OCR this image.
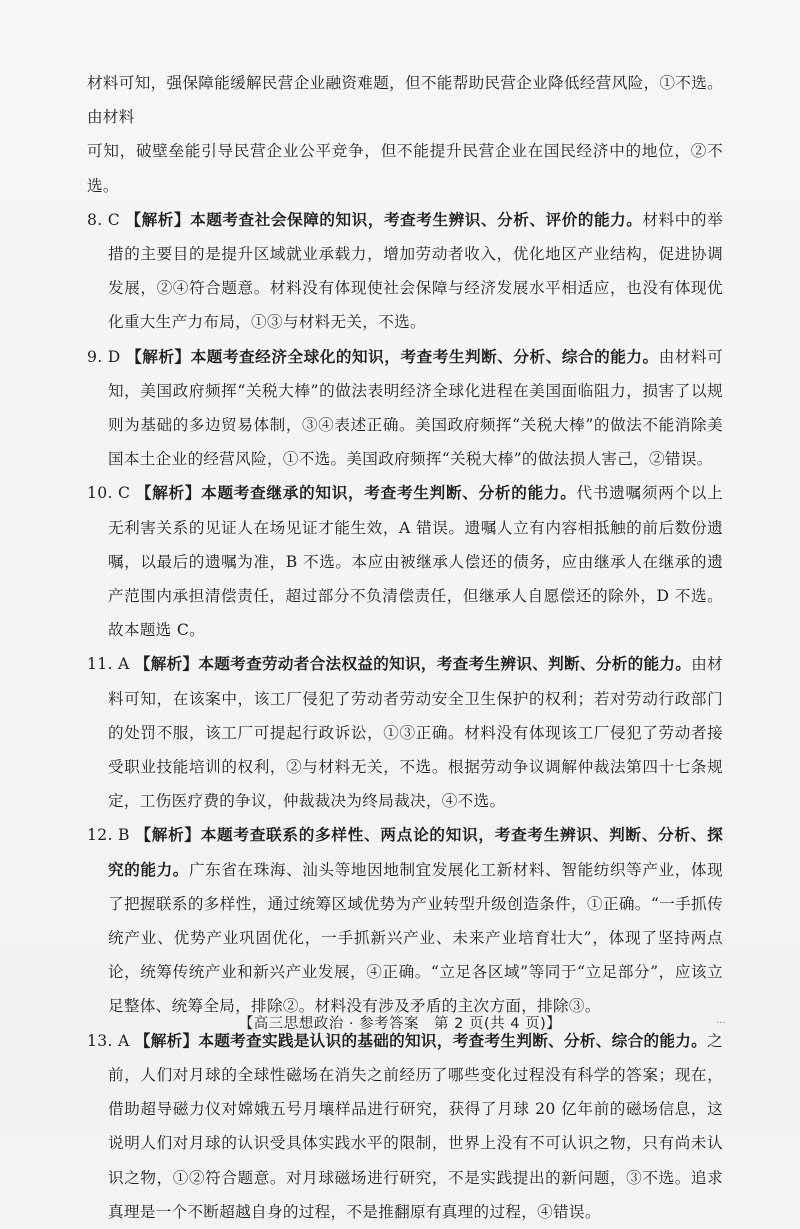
材料可知，强保障能缓解民营企业融资难题，但不能帮助民营企业降低经营风险，①不选。由材料

可知，破壁垒能引导民营企业公平竞争，但不能提升民营企业在国民经济中的地位，②不选。

8. C 【解析】本题考查社会保障的知识，考查考生辨识、分析、评价的能力。材料中的举措的主要目的是提升区域就业承载力，增加劳动者收入，优化地区产业结构，促进协调发展，②④符合题意。材料没有体现使社会保障与经济发展水平相适应，也没有体现优化重大生产力布局，①③与材料无关，不选。
9. D 【解析】本题考查经济全球化的知识，考查考生判断、分析、综合的能力。由材料可知，美国政府频挥“关税大棒”的做法表明经济全球化进程在美国面临阻力，损害了以规则为基础的多边贸易体制，③④表述正确。美国政府频挥“关税大棒”的做法不能消除美国本土企业的经营风险，①不选。美国政府频挥“关税大棒”的做法损人害己，②错误。
10. C 【解析】本题考查继承的知识，考查考生判断、分析的能力。代书遗嘱须两个以上无利害关系的见证人在场见证才能生效，A 错误。遗嘱人立有内容相抵触的前后数份遗嘱，以最后的遗嘱为准，B 不选。本应由被继承人偿还的债务，应由继承人在继承的遗产范围内承担清偿责任，超过部分不负清偿责任，但继承人自愿偿还的除外，D 不选。故本题选 C。
11. A 【解析】本题考查劳动者合法权益的知识，考查考生辨识、判断、分析的能力。由材料可知，在该案中，该工厂侵犯了劳动者劳动安全卫生保护的权利；若对劳动行政部门的处罚不服，该工厂可提起行政诉讼，①③正确。材料没有体现该工厂侵犯了劳动者接受职业技能培训的权利，②与材料无关，不选。根据劳动争议调解仲裁法第四十七条规定，工伤医疗费的争议，仲裁裁决为终局裁决，④不选。
12. B 【解析】本题考查联系的多样性、两点论的知识，考查考生辨识、判断、分析、探究的能力。广东省在珠海、汕头等地因地制宜发展化工新材料、智能纺织等产业，体现了把握联系的多样性，通过统筹区域优势为产业转型升级创造条件，①正确。“一手抓传统产业、优势产业巩固优化，一手抓新兴产业、未来产业培育壮大”，体现了坚持两点论，统筹传统产业和新兴产业发展，④正确。“立足各区域”等同于“立足部分”，应该立足整体、统筹全局，排除②。材料没有涉及矛盾的主次方面，排除③。
13. A 【解析】本题考查实践是认识的基础的知识，考查考生判断、分析、综合的能力。之前，人们对月球的全球性磁场在消失之前经历了哪些变化过程没有科学的答案；现在，借助超导磁力仪对嫦娥五号月壤样品进行研究，获得了月球 20 亿年前的磁场信息，这说明人们对月球的认识受具体实践水平的限制，世界上没有不可认识之物，只有尚未认识之物，①②符合题意。对月球磁场进行研究，不是实践提出的新问题，③不选。追求真理是一个不断超越自身的过程，不是推翻原有真理的过程，④错误。
【高三思想政治 · 参考答案　第 2 页(共 4 页)】	...
